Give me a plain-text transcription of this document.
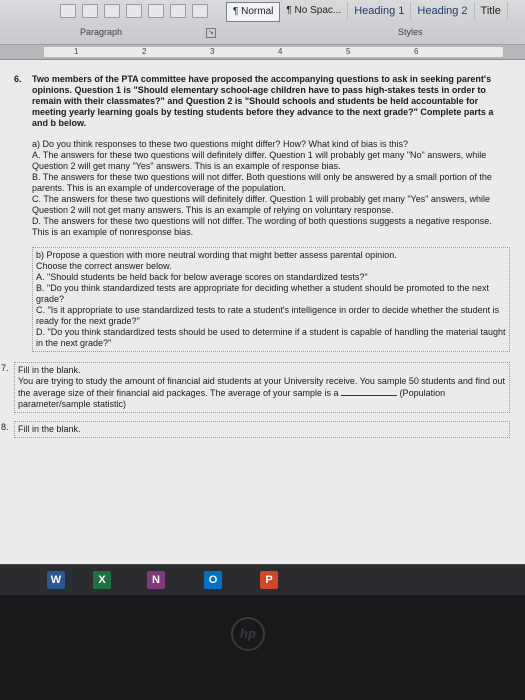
¶ Normal	¶ No Spac...	Heading 1	Heading 2	Title
Paragraph	↘	Styles
1	2	3	4	5	6
6. Two members of the PTA committee have proposed the accompanying questions to ask in seeking parent's opinions. Question 1 is "Should elementary school-age children have to pass high-stakes tests in order to remain with their classmates?" and Question 2 is "Should schools and students be held accountable for meeting yearly learning goals by testing students before they advance to the next grade?" Complete parts a and b below.

a) Do you think responses to these two questions might differ? How? What kind of bias is this?

A. The answers for these two questions will definitely differ. Question 1 will probably get many "No" answers, while Question 2 will get many "Yes" answers. This is an example of response bias.

B. The answers for these two questions will not differ. Both questions will only be answered by a small portion of the parents. This is an example of undercoverage of the population.

C. The answers for these two questions will definitely differ. Question 1 will probably get many "Yes" answers, while Question 2 will not get many answers. This is an example of relying on voluntary response.

D. The answers for these two questions will not differ. The wording of both questions suggests a negative response. This is an example of nonresponse bias.

b) Propose a question with more neutral wording that might better assess parental opinion.

Choose the correct answer below.

A. "Should students be held back for below average scores on standardized tests?"

B. "Do you think standardized tests are appropriate for deciding whether a student should be promoted to the next grade?

C. "Is it appropriate to use standardized tests to rate a student's intelligence in order to decide whether the student is ready for the next grade?"

D. "Do you think standardized tests should be used to determine if a student is capable of handling the material taught in the next grade?"

7. Fill in the blank.

You are trying to study the amount of financial aid students at your University receive. You sample 50 students and find out the average size of their financial aid packages. The average of your sample is a	(Population parameter/sample statistic)

8. Fill in the blank.

W	X	N	O	P
hp
